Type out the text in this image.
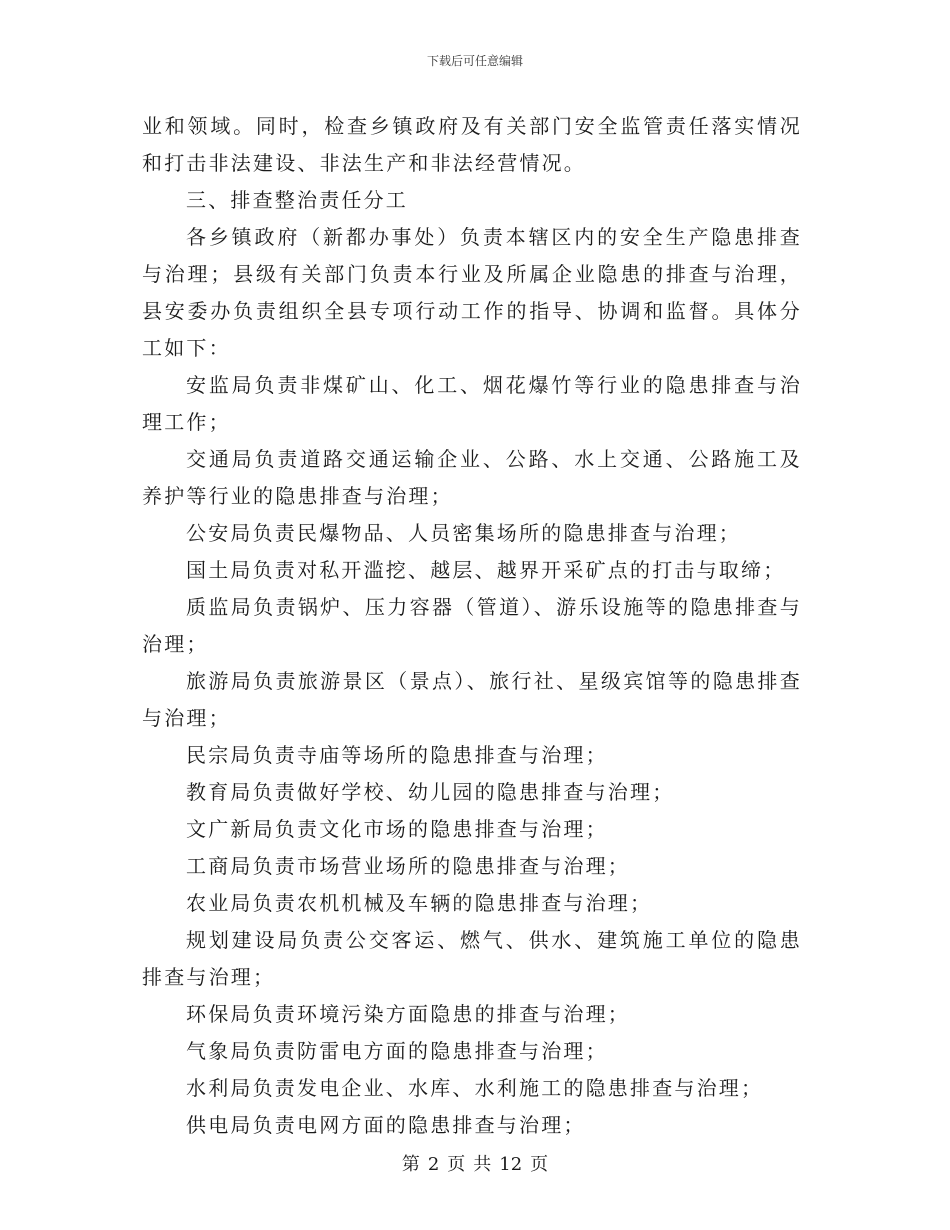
下载后可任意编辑

业和领域。同时，检查乡镇政府及有关部门安全监管责任落实情况和打击非法建设、非法生产和非法经营情况。

三、排查整治责任分工

各乡镇政府（新都办事处）负责本辖区内的安全生产隐患排查与治理；县级有关部门负责本行业及所属企业隐患的排查与治理，县安委办负责组织全县专项行动工作的指导、协调和监督。具体分工如下：

安监局负责非煤矿山、化工、烟花爆竹等行业的隐患排查与治理工作；

交通局负责道路交通运输企业、公路、水上交通、公路施工及养护等行业的隐患排查与治理；

公安局负责民爆物品、人员密集场所的隐患排查与治理；

国土局负责对私开滥挖、越层、越界开采矿点的打击与取缔；

质监局负责锅炉、压力容器（管道）、游乐设施等的隐患排查与治理；

旅游局负责旅游景区（景点）、旅行社、星级宾馆等的隐患排查与治理；

民宗局负责寺庙等场所的隐患排查与治理；

教育局负责做好学校、幼儿园的隐患排查与治理；

文广新局负责文化市场的隐患排查与治理；

工商局负责市场营业场所的隐患排查与治理；

农业局负责农机机械及车辆的隐患排查与治理；

规划建设局负责公交客运、燃气、供水、建筑施工单位的隐患排查与治理；

环保局负责环境污染方面隐患的排查与治理；

气象局负责防雷电方面的隐患排查与治理；

水利局负责发电企业、水库、水利施工的隐患排查与治理；

供电局负责电网方面的隐患排查与治理；

第 2 页 共 12 页
